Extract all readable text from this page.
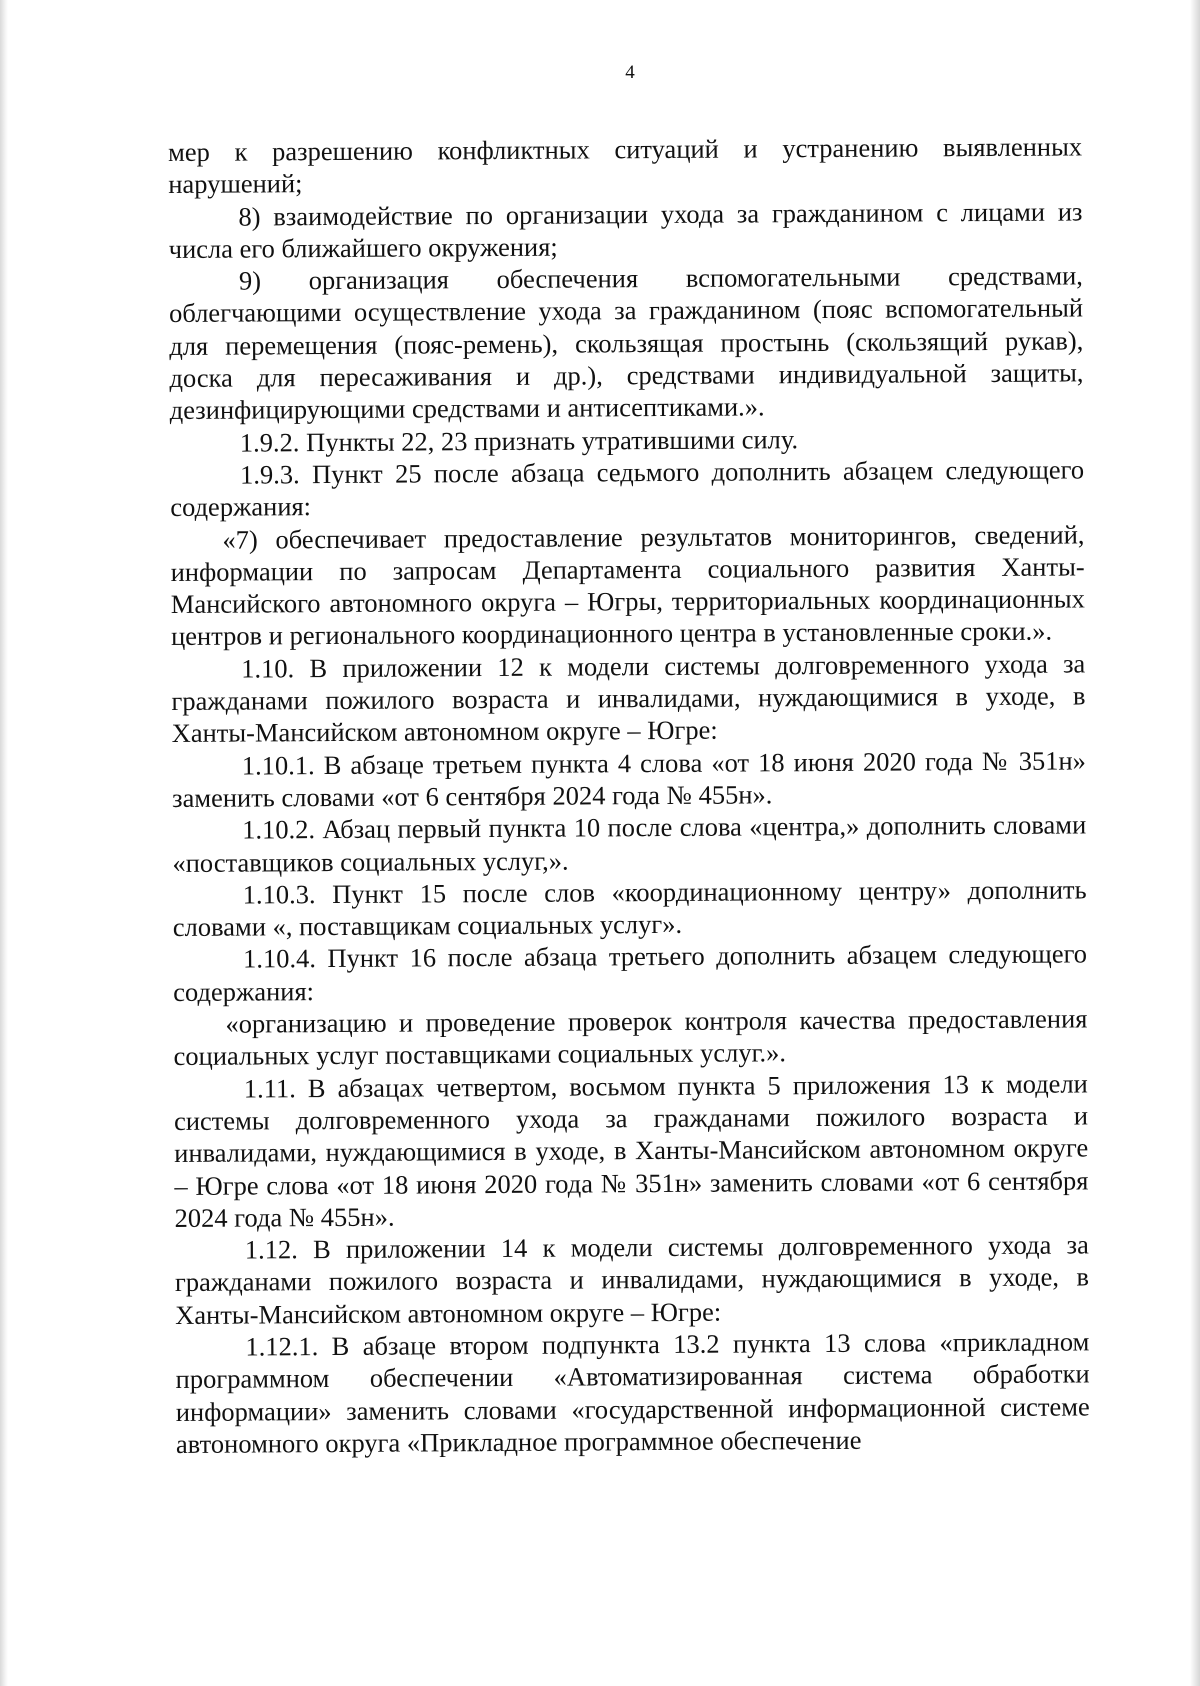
4

мер к разрешению конфликтных ситуаций и устранению выявленных нарушений;

8) взаимодействие по организации ухода за гражданином с лицами из числа его ближайшего окружения;

9) организация обеспечения вспомогательными средствами, облегчающими осуществление ухода за гражданином (пояс вспомогательный для перемещения (пояс-ремень), скользящая простынь (скользящий рукав), доска для пересаживания и др.), средствами индивидуальной защиты, дезинфицирующими средствами и антисептиками.».

1.9.2. Пункты 22, 23 признать утратившими силу.

1.9.3. Пункт 25 после абзаца седьмого дополнить абзацем следующего содержания:

«7) обеспечивает предоставление результатов мониторингов, сведений, информации по запросам Департамента социального развития Ханты-Мансийского автономного округа – Югры, территориальных координационных центров и регионального координационного центра в установленные сроки.».

1.10. В приложении 12 к модели системы долговременного ухода за гражданами пожилого возраста и инвалидами, нуждающимися в уходе, в Ханты-Мансийском автономном округе – Югре:

1.10.1. В абзаце третьем пункта 4 слова «от 18 июня 2020 года № 351н» заменить словами «от 6 сентября 2024 года № 455н».

1.10.2. Абзац первый пункта 10 после слова «центра,» дополнить словами «поставщиков социальных услуг,».

1.10.3. Пункт 15 после слов «координационному центру» дополнить словами «, поставщикам социальных услуг».

1.10.4. Пункт 16 после абзаца третьего дополнить абзацем следующего содержания:

«организацию и проведение проверок контроля качества предоставления социальных услуг поставщиками социальных услуг.».

1.11. В абзацах четвертом, восьмом пункта 5 приложения 13 к модели системы долговременного ухода за гражданами пожилого возраста и инвалидами, нуждающимися в уходе, в Ханты-Мансийском автономном округе – Югре слова «от 18 июня 2020 года № 351н» заменить словами «от 6 сентября 2024 года № 455н».

1.12. В приложении 14 к модели системы долговременного ухода за гражданами пожилого возраста и инвалидами, нуждающимися в уходе, в Ханты-Мансийском автономном округе – Югре:

1.12.1. В абзаце втором подпункта 13.2 пункта 13 слова «прикладном программном обеспечении «Автоматизированная система обработки информации» заменить словами «государственной информационной системе автономного округа «Прикладное программное обеспечение
